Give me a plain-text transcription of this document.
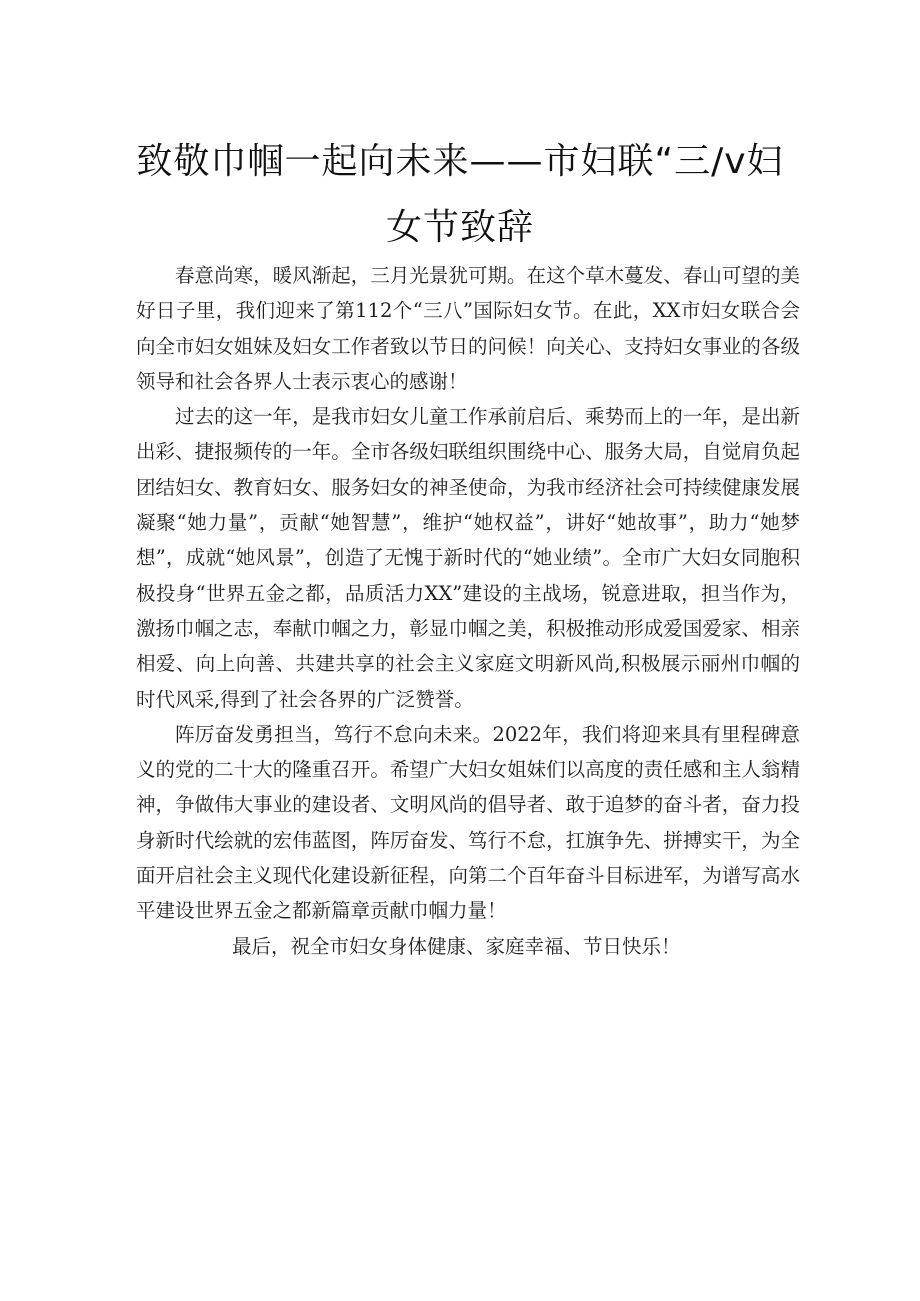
致敬巾帼一起向未来——市妇联“三/v妇
女节致辞

春意尚寒，暖风渐起，三月光景犹可期。在这个草木蔓发、春山可望的美好日子里，我们迎来了第112个“三八”国际妇女节。在此，XX市妇女联合会向全市妇女姐妹及妇女工作者致以节日的问候！向关心、支持妇女事业的各级领导和社会各界人士表示衷心的感谢！

过去的这一年，是我市妇女儿童工作承前启后、乘势而上的一年，是出新出彩、捷报频传的一年。全市各级妇联组织围绕中心、服务大局，自觉肩负起团结妇女、教育妇女、服务妇女的神圣使命，为我市经济社会可持续健康发展凝聚“她力量”，贡献“她智慧”，维护“她权益”，讲好“她故事”，助力“她梦想”，成就“她风景”，创造了无愧于新时代的“她业绩”。全市广大妇女同胞积极投身“世界五金之都，品质活力XX”建设的主战场，锐意进取，担当作为，激扬巾帼之志，奉献巾帼之力，彰显巾帼之美，积极推动形成爱国爱家、相亲相爱、向上向善、共建共享的社会主义家庭文明新风尚,积极展示丽州巾帼的时代风采,得到了社会各界的广泛赞誉。

阵厉奋发勇担当，笃行不怠向未来。2022年，我们将迎来具有里程碑意义的党的二十大的隆重召开。希望广大妇女姐妹们以高度的责任感和主人翁精神，争做伟大事业的建设者、文明风尚的倡导者、敢于追梦的奋斗者，奋力投身新时代绘就的宏伟蓝图，阵厉奋发、笃行不怠，扛旗争先、拼搏实干，为全面开启社会主义现代化建设新征程，向第二个百年奋斗目标进军，为谱写高水平建设世界五金之都新篇章贡献巾帼力量！

最后，祝全市妇女身体健康、家庭幸福、节日快乐！
